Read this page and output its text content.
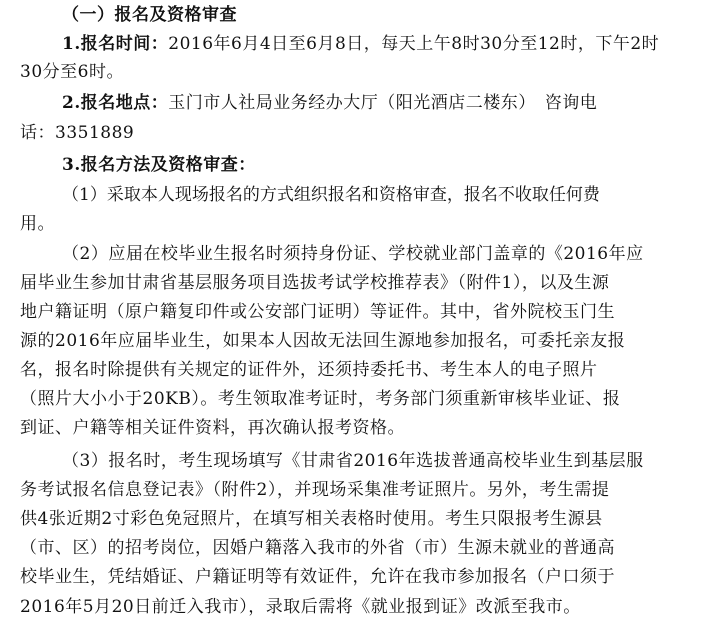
（一）报名及资格审查
1.报名时间：2016年6月4日至6月8日，每天上午8时30分至12时，下午2时
30分至6时。
2.报名地点：玉门市人社局业务经办大厅（阳光酒店二楼东）　咨询电
话：3351889
3.报名方法及资格审查：
（1）采取本人现场报名的方式组织报名和资格审查，报名不收取任何费
用。
（2）应届在校毕业生报名时须持身份证、学校就业部门盖章的《2016年应
届毕业生参加甘肃省基层服务项目选拔考试学校推荐表》（附件1），以及生源
地户籍证明（原户籍复印件或公安部门证明）等证件。其中，省外院校玉门生
源的2016年应届毕业生，如果本人因故无法回生源地参加报名，可委托亲友报
名，报名时除提供有关规定的证件外，还须持委托书、考生本人的电子照片
（照片大小小于20KB）。考生领取准考证时，考务部门须重新审核毕业证、报
到证、户籍等相关证件资料，再次确认报考资格。
（3）报名时，考生现场填写《甘肃省2016年选拔普通高校毕业生到基层服
务考试报名信息登记表》（附件2），并现场采集准考证照片。另外，考生需提
供4张近期2寸彩色免冠照片，在填写相关表格时使用。考生只限报考生源县
（市、区）的招考岗位，因婚户籍落入我市的外省（市）生源未就业的普通高
校毕业生，凭结婚证、户籍证明等有效证件，允许在我市参加报名（户口须于
2016年5月20日前迁入我市），录取后需将《就业报到证》改派至我市。
